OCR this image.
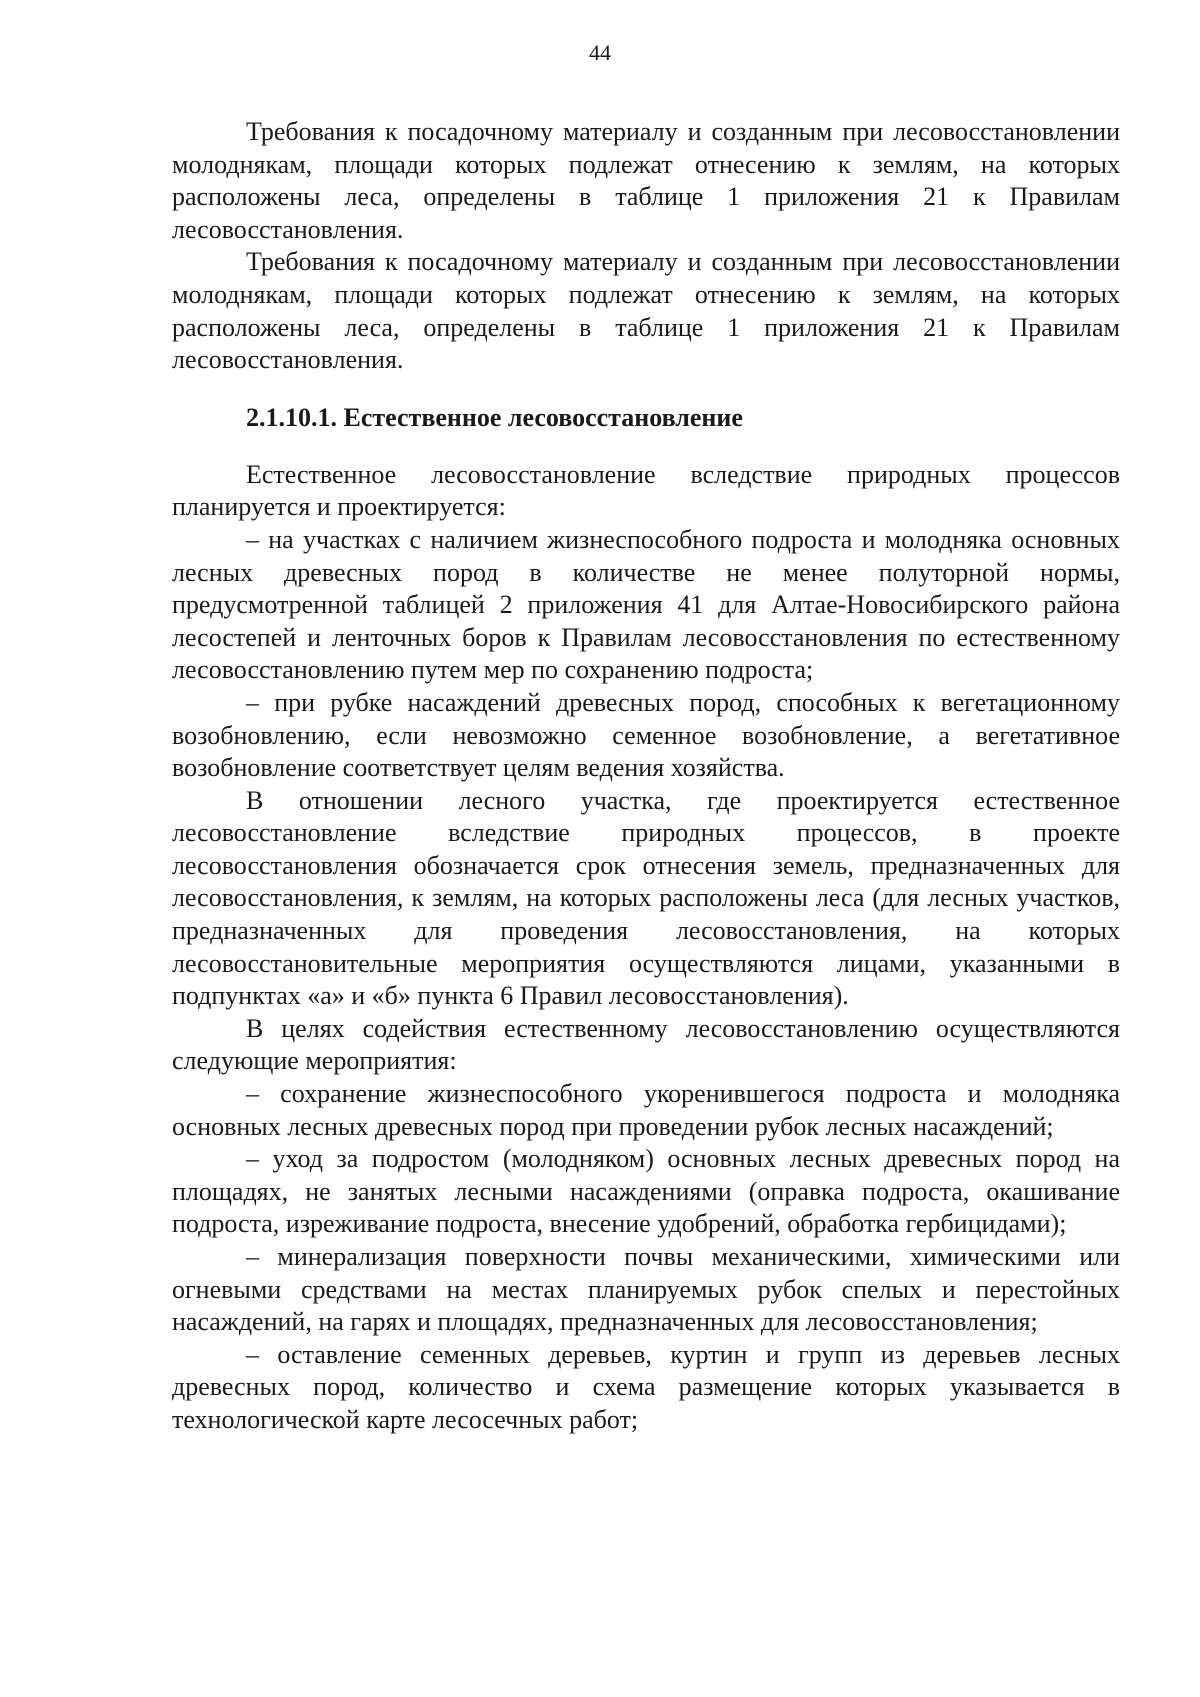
44

Требования к посадочному материалу и созданным при лесовосстановлении молоднякам, площади которых подлежат отнесению к землям, на которых расположены леса, определены в таблице 1 приложения 21 к Правилам лесовосстановления.

Требования к посадочному материалу и созданным при лесовосстановлении молоднякам, площади которых подлежат отнесению к землям, на которых расположены леса, определены в таблице 1 приложения 21 к Правилам лесовосстановления.

2.1.10.1. Естественное лесовосстановление

Естественное лесовосстановление вследствие природных процессов планируется и проектируется:

– на участках с наличием жизнеспособного подроста и молодняка основных лесных древесных пород в количестве не менее полуторной нормы, предусмотренной таблицей 2 приложения 41 для Алтае-Новосибирского района лесостепей и ленточных боров к Правилам лесовосстановления по естественному лесовосстановлению путем мер по сохранению подроста;

– при рубке насаждений древесных пород, способных к вегетационному возобновлению, если невозможно семенное возобновление, а вегетативное возобновление соответствует целям ведения хозяйства.

В отношении лесного участка, где проектируется естественное лесовосстановление вследствие природных процессов, в проекте лесовосстановления обозначается срок отнесения земель, предназначенных для лесовосстановления, к землям, на которых расположены леса (для лесных участков, предназначенных для проведения лесовосстановления, на которых лесовосстановительные мероприятия осуществляются лицами, указанными в подпунктах «а» и «б» пункта 6 Правил лесовосстановления).

В целях содействия естественному лесовосстановлению осуществляются следующие мероприятия:

– сохранение жизнеспособного укоренившегося подроста и молодняка основных лесных древесных пород при проведении рубок лесных насаждений;

– уход за подростом (молодняком) основных лесных древесных пород на площадях, не занятых лесными насаждениями (оправка подроста, окашивание подроста, изреживание подроста, внесение удобрений, обработка гербицидами);

– минерализация поверхности почвы механическими, химическими или огневыми средствами на местах планируемых рубок спелых и перестойных насаждений, на гарях и площадях, предназначенных для лесовосстановления;

– оставление семенных деревьев, куртин и групп из деревьев лесных древесных пород, количество и схема размещение которых указывается в технологической карте лесосечных работ;
